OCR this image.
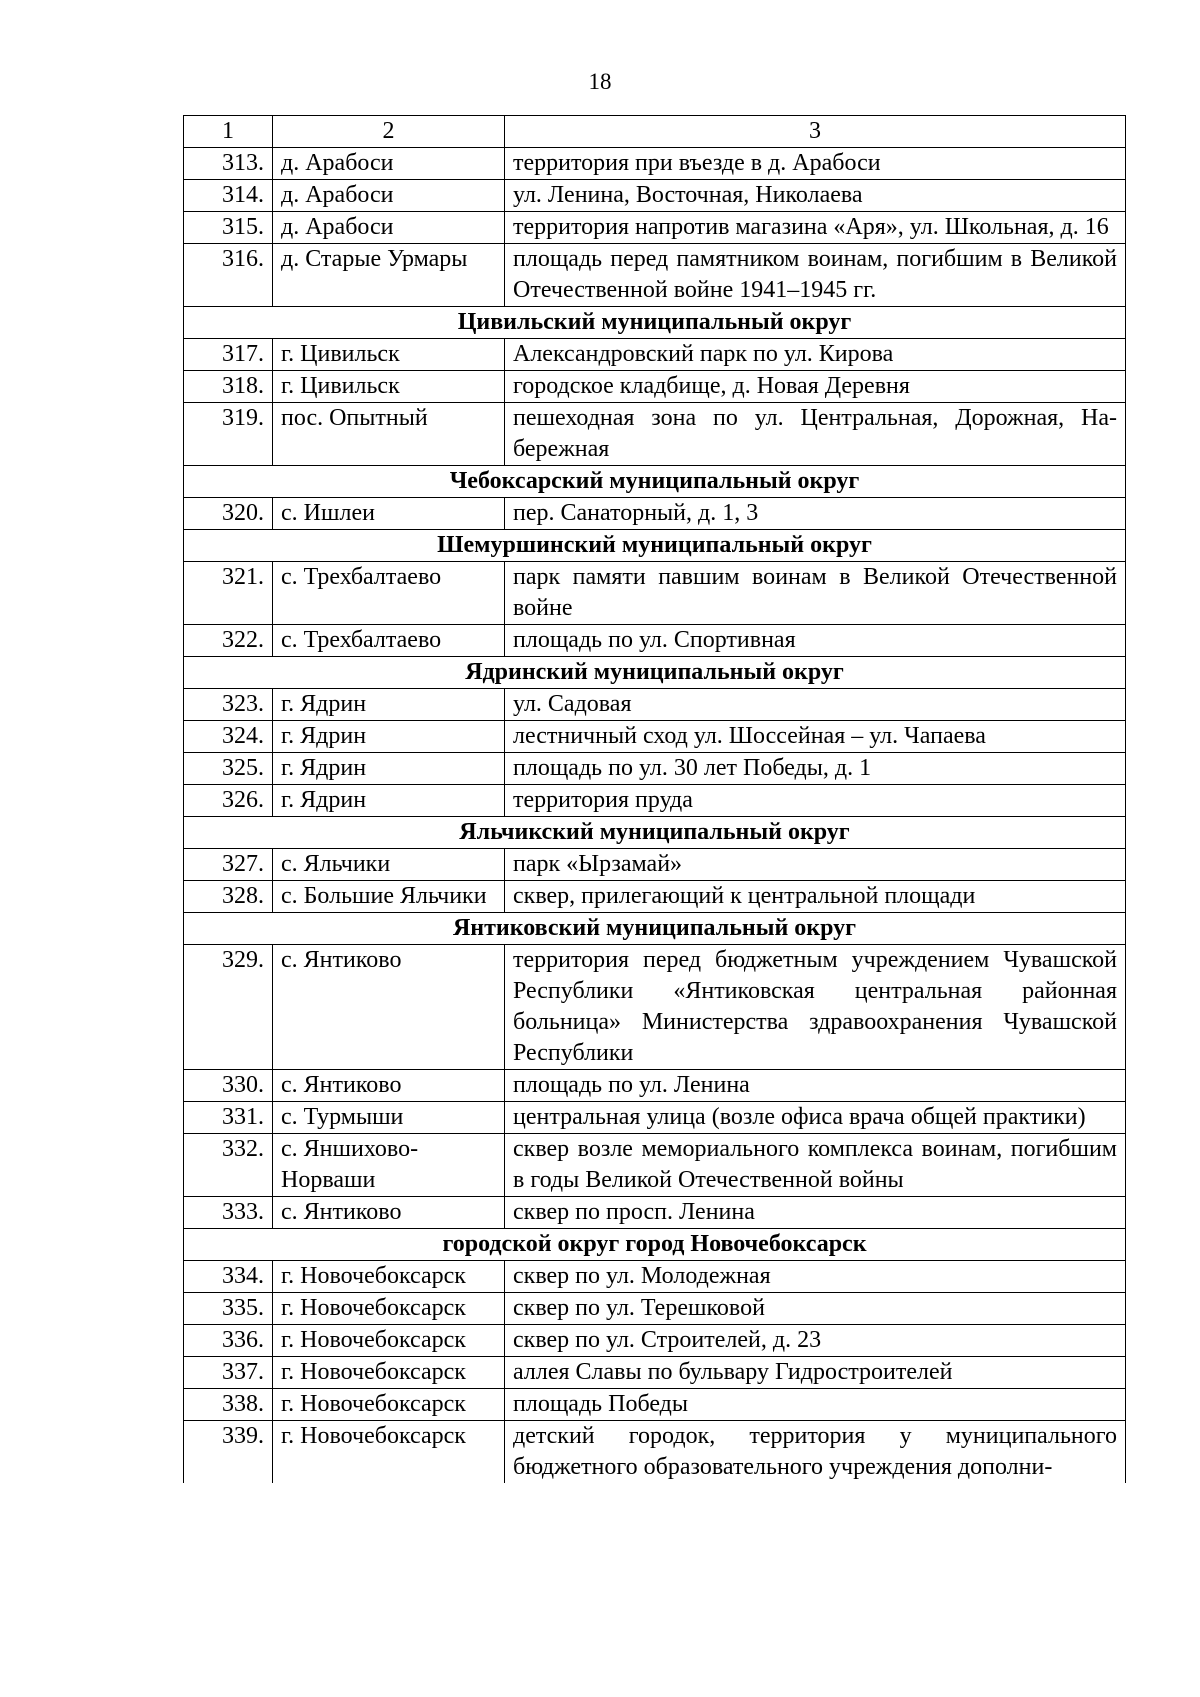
18
1	2	3
313.	д. Арабоси	территория при въезде в д. Арабоси
314.	д. Арабоси	ул. Ленина, Восточная, Николаева
315.	д. Арабоси	территория напротив магазина «Аря», ул. Школьная, д. 16
316.	д. Старые Урмары	площадь перед памятником воинам, погибшим в Великой Отечественной войне 1941–1945 гг.
Цивильский муниципальный округ		
317.	г. Цивильск	Александровский парк по ул. Кирова
318.	г. Цивильск	городское кладбище, д. Новая Деревня
319.	пос. Опытный	пешеходная зона по ул. Центральная, Дорожная, Набережная
Чебоксарский муниципальный округ		
320.	с. Ишлеи	пер. Санаторный, д. 1, 3
Шемуршинский муниципальный округ		
321.	с. Трехбалтаево	парк памяти павшим воинам в Великой Отечественной войне
322.	с. Трехбалтаево	площадь по ул. Спортивная
Ядринский муниципальный округ		
323.	г. Ядрин	ул. Садовая
324.	г. Ядрин	лестничный сход ул. Шоссейная – ул. Чапаева
325.	г. Ядрин	площадь по ул. 30 лет Победы, д. 1
326.	г. Ядрин	территория пруда
Яльчикский муниципальный округ		
327.	с. Яльчики	парк «Ырзамай»
328.	с. Большие Яльчики	сквер, прилегающий к центральной площади
Янтиковский муниципальный округ		
329.	с. Янтиково	территория перед бюджетным учреждением Чувашской Республики «Янтиковская центральная районная больница» Министерства здравоохранения Чувашской Республики
330.	с. Янтиково	площадь по ул. Ленина
331.	с. Турмыши	центральная улица (возле офиса врача общей практики)
332.	с. Яншихово-Норваши	сквер возле мемориального комплекса воинам, погибшим в годы Великой Отечественной войны
333.	с. Янтиково	сквер по просп. Ленина
городской округ город Новочебоксарск		
334.	г. Новочебоксарск	сквер по ул. Молодежная
335.	г. Новочебоксарск	сквер по ул. Терешковой
336.	г. Новочебоксарск	сквер по ул. Строителей, д. 23
337.	г. Новочебоксарск	аллея Славы по бульвару Гидростроителей
338.	г. Новочебоксарск	площадь Победы
339.	г. Новочебоксарск	детский городок, территория у муниципального бюджетного образовательного учреждения дополни-
